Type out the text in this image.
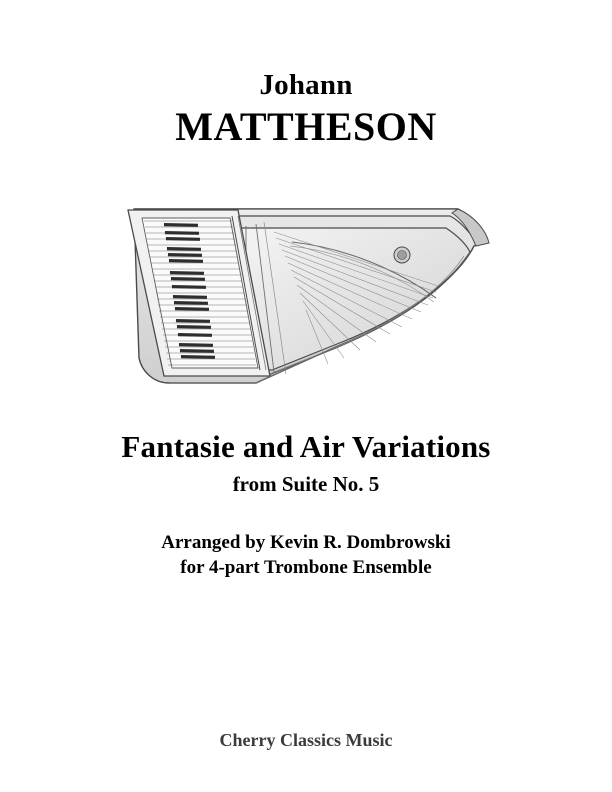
Johann
MATTHESON
Fantasie and Air Variations
from Suite No. 5
Arranged by Kevin R. Dombrowski
for 4-part Trombone Ensemble
Cherry Classics Music
